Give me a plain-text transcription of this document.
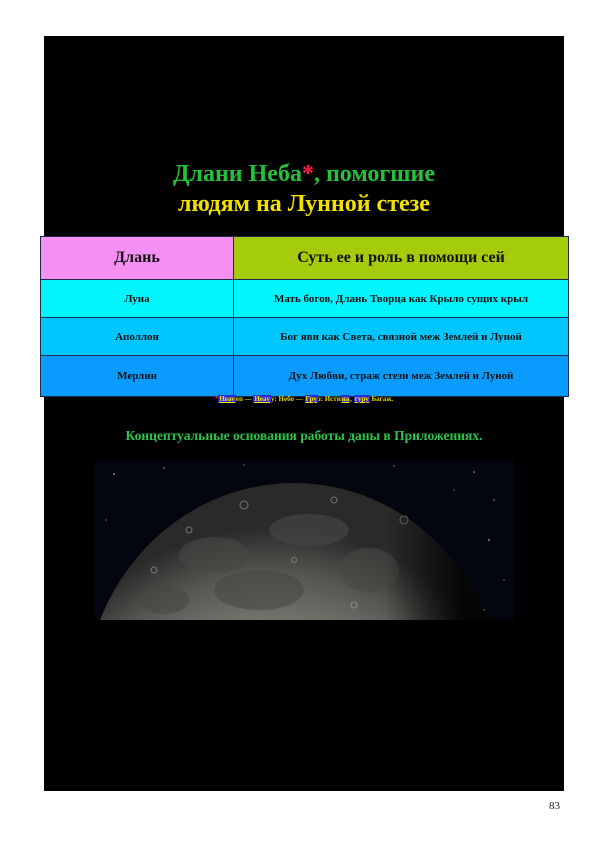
Длани Неба*, помогшие
людям на Лунной стезе
Длань	Суть ее и роль в помощи сей
Луна	Мать богов, Длань Творца как Крыло сущих крыл
Аполлон	Бог яви как Света, связной меж Землей и Луной
Мерлин	Дух Любви, страж стези меж Землей и Луной
*Heaven — Heavy: Небо — Груз: Истина, гуру Багаж.
Концептуальные основания работы даны в Приложениях.
83
